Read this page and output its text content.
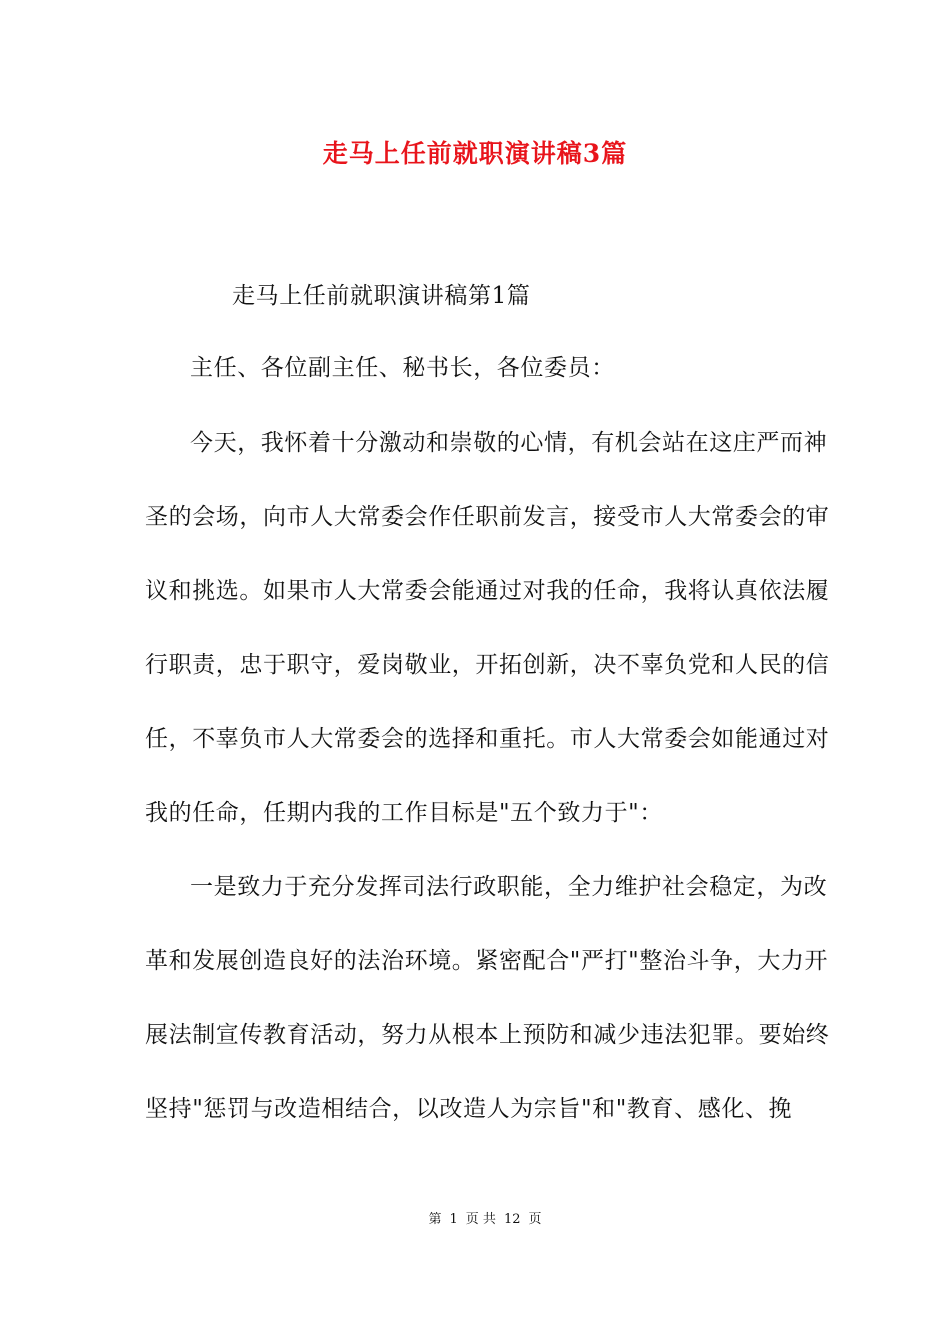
走马上任前就职演讲稿3篇
走马上任前就职演讲稿第1篇
主任、各位副主任、秘书长，各位委员：
今天，我怀着十分激动和崇敬的心情，有机会站在这庄严而神
圣的会场，向市人大常委会作任职前发言，接受市人大常委会的审
议和挑选。如果市人大常委会能通过对我的任命，我将认真依法履
行职责，忠于职守，爱岗敬业，开拓创新，决不辜负党和人民的信
任，不辜负市人大常委会的选择和重托。市人大常委会如能通过对
我的任命，任期内我的工作目标是"五个致力于"：
一是致力于充分发挥司法行政职能，全力维护社会稳定，为改
革和发展创造良好的法治环境。紧密配合"严打"整治斗争，大力开
展法制宣传教育活动，努力从根本上预防和减少违法犯罪。要始终
坚持"惩罚与改造相结合，以改造人为宗旨"和"教育、感化、挽
第 1 页 共 12 页
